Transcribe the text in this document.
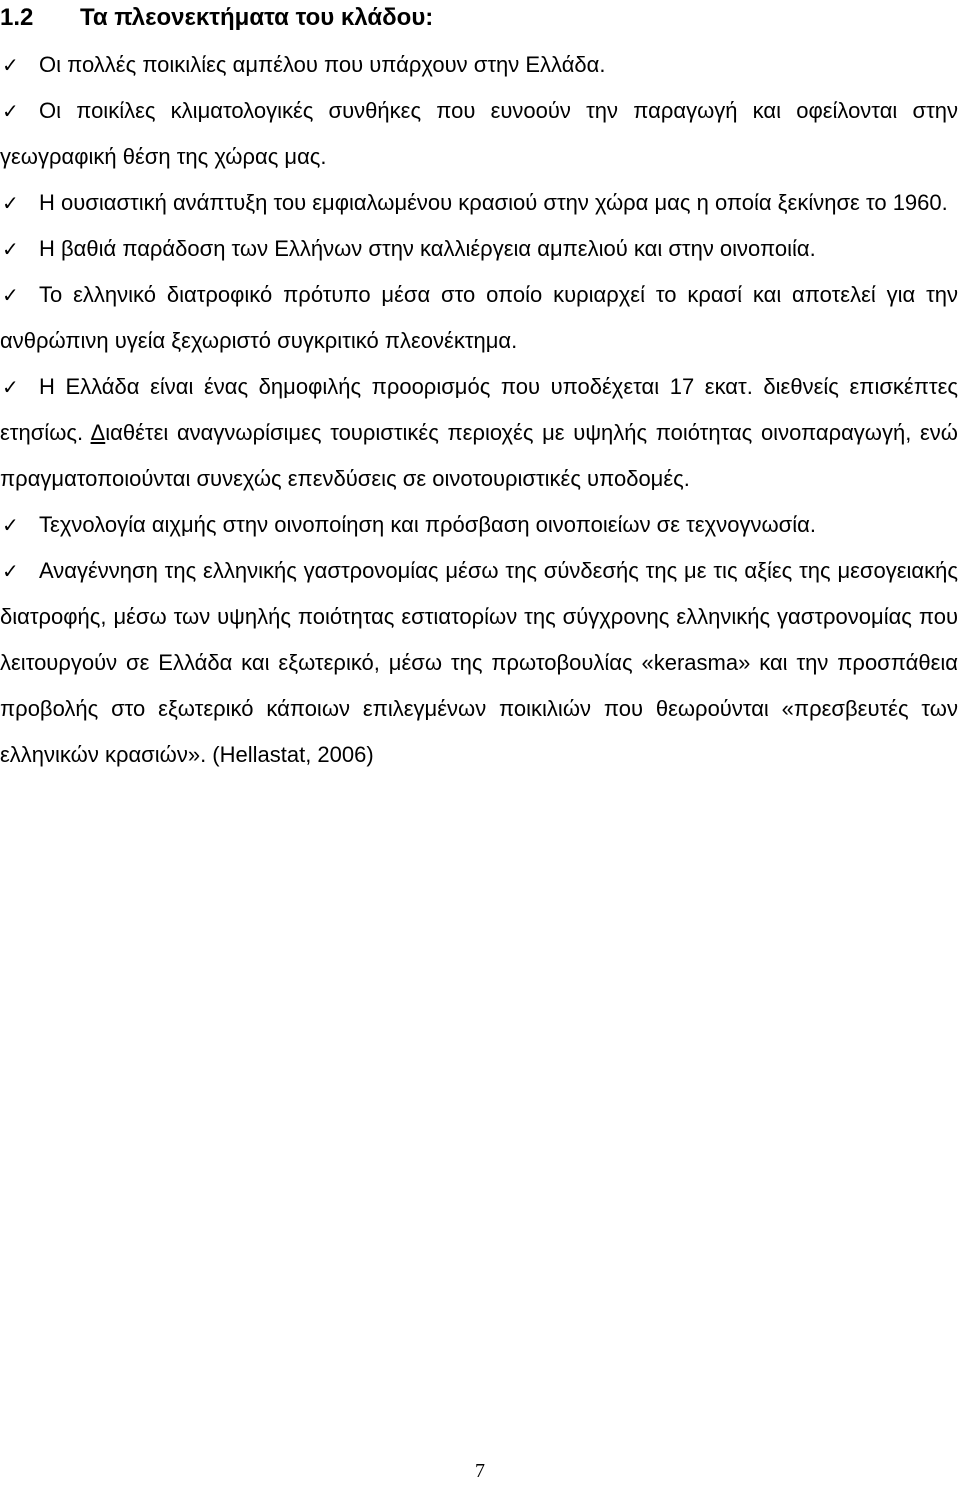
1.2 Τα πλεονεκτήματα του κλάδου:
✓ Οι πολλές ποικιλίες αμπέλου που υπάρχουν στην Ελλάδα.
✓ Οι ποικίλες κλιματολογικές συνθήκες που ευνοούν την παραγωγή και οφείλονται στην γεωγραφική θέση της χώρας μας.
✓ Η ουσιαστική ανάπτυξη του εμφιαλωμένου κρασιού στην χώρα μας η οποία ξεκίνησε το 1960.
✓ Η βαθιά παράδοση των Ελλήνων στην καλλιέργεια αμπελιού και στην οινοποιία.
✓ Το ελληνικό διατροφικό πρότυπο μέσα στο οποίο κυριαρχεί το κρασί και αποτελεί για την ανθρώπινη υγεία ξεχωριστό συγκριτικό πλεονέκτημα.
✓ Η Ελλάδα είναι ένας δημοφιλής προορισμός που υποδέχεται 17 εκατ. διεθνείς επισκέπτες ετησίως. Διαθέτει αναγνωρίσιμες τουριστικές περιοχές με υψηλής ποιότητας οινοπαραγωγή, ενώ πραγματοποιούνται συνεχώς επενδύσεις σε οινοτουριστικές υποδομές.
✓ Τεχνολογία αιχμής στην οινοποίηση και πρόσβαση οινοποιείων σε τεχνογνωσία.
✓ Αναγέννηση της ελληνικής γαστρονομίας μέσω της σύνδεσής της με τις αξίες της μεσογειακής διατροφής, μέσω των υψηλής ποιότητας εστιατορίων της σύγχρονης ελληνικής γαστρονομίας που λειτουργούν σε Ελλάδα και εξωτερικό, μέσω της πρωτοβουλίας «kerasma» και την προσπάθεια προβολής στο εξωτερικό κάποιων επιλεγμένων ποικιλιών που θεωρούνται «πρεσβευτές των ελληνικών κρασιών». (Hellastat, 2006)
7
